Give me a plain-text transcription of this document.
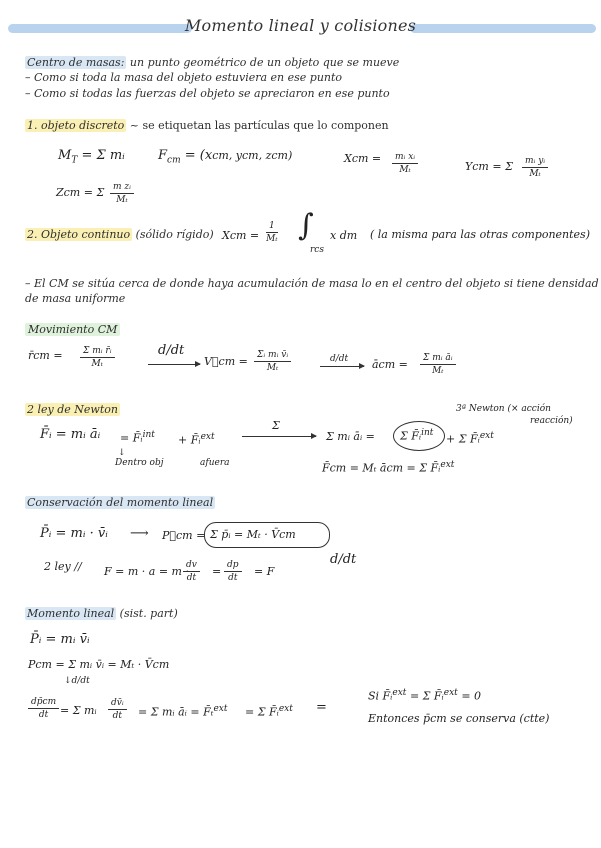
Momento lineal y colisiones
Centro de masas: un punto geométrico de un objeto que se mueve
– Como si toda la masa del objeto estuviera en ese punto
– Como si todas las fuerzas del objeto se apreciaron en ese punto
1. objeto discreto ~ se etiquetan las partículas que lo componen
$M_T = \Sigma$ mᵢ	$F_{cm} = (xcm$, ycm, zcm)	Xcm = $\frac{\text{mᵢ xᵢ}}{\text{Mₜ}}$	Ycm = Σ $\frac{\text{mᵢ yᵢ}}{\text{Mₜ}}$
Zcm = Σ $\frac{\text{m zᵢ}}{\text{Mₜ}}$
2. Objeto continuo (sólido rígido) Xcm = $\frac{1}{\text{Mₜ}}$ ∫
rcs
x dm ( la misma para las otras componentes)
– El CM se sitúa cerca de donde haya acumulación de masa lo en el centro del objeto si tiene densidad
de masa uniforme
Movimiento CM
r̄cm = $\frac{\text{Σ mᵢ r̄ᵢ}}{\text{Mₜ}}$	d/dt
V⃗cm = $\frac{\text{Σᵢ mᵢ v̄ᵢ}}{\text{Mₜ}}$	d/dt ācm = $\frac{\text{Σ mᵢ āᵢ}}{\text{Mₜ}}$
2 ley de Newton
F̄ᵢ = mᵢ āᵢ = F̄ᵢ$^{int}$ + F̄ᵢ$^{ext}$
↓
Dentro obj	afuera
Σ
Σ mᵢ āᵢ = Σ F̄ᵢ$^{int}$ + Σ F̄ᵢ$^{ext}$
3ª Newton (× acción
reacción)
F̄cm = Mₜ ācm = Σ F̄ᵢ$^{ext}$
Conservación del momento lineal
P̄ᵢ = mᵢ · v̄ᵢ ⟶ P⃗cm = Σ p̄ᵢ = Mₜ · V̄cm
d/dt
2 ley // F = m · a = m ·
$\frac{dv}{dt} = \frac{dp}{dt} = F$
Momento lineal (sist. part)
P̄ᵢ = mᵢ v̄ᵢ
Pcm = Σ mᵢ v̄ᵢ = Mₜ · V̄cm
↓d/dt
$\frac{dp̄cm}{dt} = \Sigma$ mᵢ $\frac{\text{dv̄ᵢ}}{dt} = \Sigma$ mᵢ āᵢ = F̄ₜ$^{ext}$ = Σ F̄ᵢ$^{ext}$ =
Si F̄ᵢ$^{ext}$ = Σ F̄ᵢ$^{ext}$ = 0
Entonces p̄cm se conserva (ctte)
